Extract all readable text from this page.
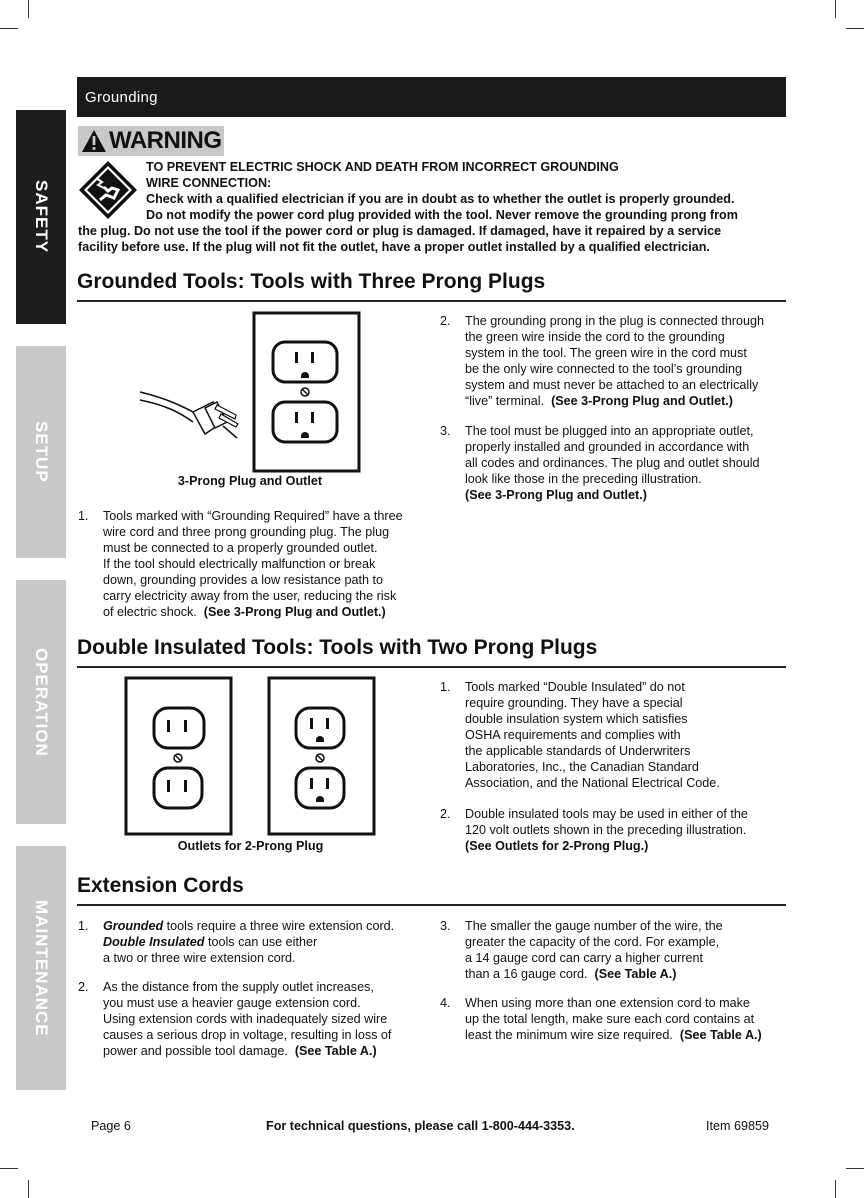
SAFETY
SETUP
OPERATION
MAINTENANCE
Grounding
WARNING
TO PREVENT ELECTRIC SHOCK AND DEATH FROM INCORRECT GROUNDING
WIRE CONNECTION:
Check with a qualified electrician if you are in doubt as to whether the outlet is properly grounded.
Do not modify the power cord plug provided with the tool. Never remove the grounding prong from
the plug. Do not use the tool if the power cord or plug is damaged. If damaged, have it repaired by a service
facility before use. If the plug will not fit the outlet, have a proper outlet installed by a qualified electrician.
Grounded Tools: Tools with Three Prong Plugs
3-Prong Plug and Outlet
1. Tools marked with “Grounding Required” have a three
wire cord and three prong grounding plug. The plug
must be connected to a properly grounded outlet.
If the tool should electrically malfunction or break
down, grounding provides a low resistance path to
carry electricity away from the user, reducing the risk
of electric shock.  (See 3-Prong Plug and Outlet.)
2. The grounding prong in the plug is connected through
the green wire inside the cord to the grounding
system in the tool. The green wire in the cord must
be the only wire connected to the tool’s grounding
system and must never be attached to an electrically
“live” terminal.  (See 3-Prong Plug and Outlet.)
3. The tool must be plugged into an appropriate outlet,
properly installed and grounded in accordance with
all codes and ordinances. The plug and outlet should
look like those in the preceding illustration.
(See 3-Prong Plug and Outlet.)
Double Insulated Tools: Tools with Two Prong Plugs
Outlets for 2-Prong Plug
1. Tools marked “Double Insulated” do not
require grounding. They have a special
double insulation system which satisfies
OSHA requirements and complies with
the applicable standards of Underwriters
Laboratories, Inc., the Canadian Standard
Association, and the National Electrical Code.
2. Double insulated tools may be used in either of the
120 volt outlets shown in the preceding illustration.
(See Outlets for 2-Prong Plug.)
Extension Cords
1. Grounded tools require a three wire extension cord.
Double Insulated tools can use either
a two or three wire extension cord.
2. As the distance from the supply outlet increases,
you must use a heavier gauge extension cord.
Using extension cords with inadequately sized wire
causes a serious drop in voltage, resulting in loss of
power and possible tool damage.  (See Table A.)
3. The smaller the gauge number of the wire, the
greater the capacity of the cord. For example,
a 14 gauge cord can carry a higher current
than a 16 gauge cord.  (See Table A.)
4. When using more than one extension cord to make
up the total length, make sure each cord contains at
least the minimum wire size required.  (See Table A.)
Page 6	For technical questions, please call 1-800-444-3353.	Item 69859
